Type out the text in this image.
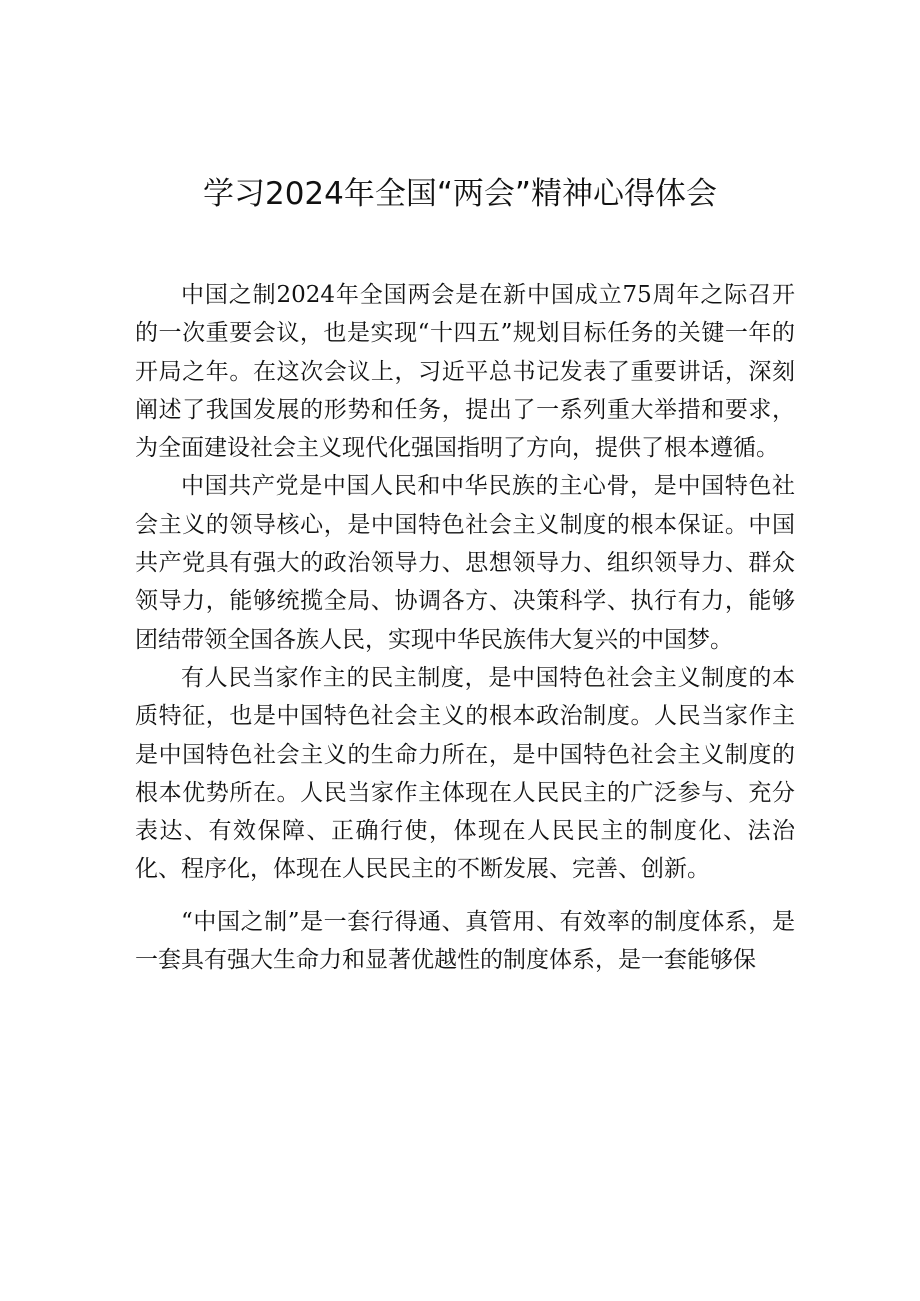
学习2024年全国“两会”精神心得体会

中国之制2024年全国两会是在新中国成立75周年之际召开的一次重要会议，也是实现“十四五”规划目标任务的关键一年的开局之年。在这次会议上，习近平总书记发表了重要讲话，深刻阐述了我国发展的形势和任务，提出了一系列重大举措和要求，为全面建设社会主义现代化强国指明了方向，提供了根本遵循。

中国共产党是中国人民和中华民族的主心骨，是中国特色社会主义的领导核心，是中国特色社会主义制度的根本保证。中国共产党具有强大的政治领导力、思想领导力、组织领导力、群众领导力，能够统揽全局、协调各方、决策科学、执行有力，能够团结带领全国各族人民，实现中华民族伟大复兴的中国梦。

有人民当家作主的民主制度，是中国特色社会主义制度的本质特征，也是中国特色社会主义的根本政治制度。人民当家作主是中国特色社会主义的生命力所在，是中国特色社会主义制度的根本优势所在。人民当家作主体现在人民民主的广泛参与、充分表达、有效保障、正确行使，体现在人民民主的制度化、法治化、程序化，体现在人民民主的不断发展、完善、创新。

“中国之制”是一套行得通、真管用、有效率的制度体系，是一套具有强大生命力和显著优越性的制度体系，是一套能够保
